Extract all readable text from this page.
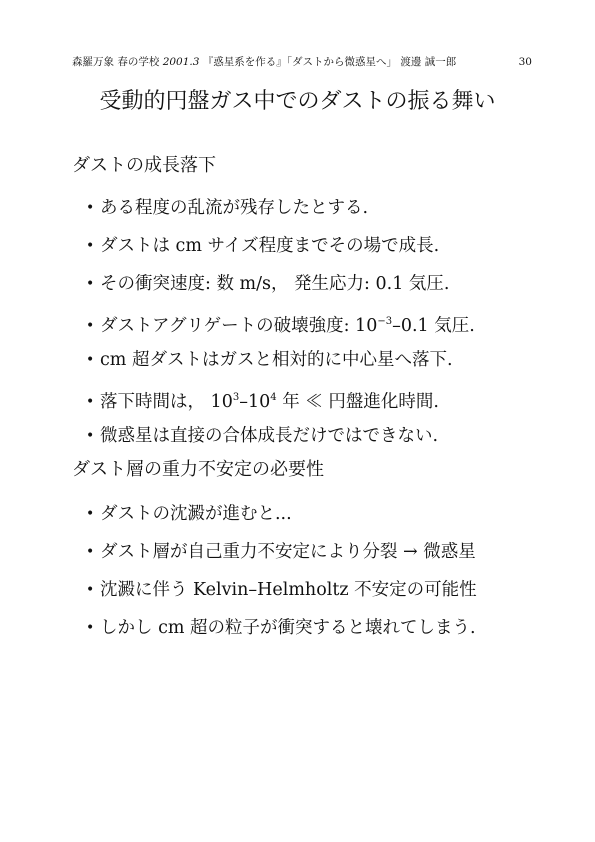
森羅万象 春の学校 2001.3 『惑星系を作る』「ダストから微惑星へ」 渡邊 誠一郎	30
受動的円盤ガス中でのダストの振る舞い
ダストの成長落下
• ある程度の乱流が残存したとする.
• ダストは cm サイズ程度までその場で成長.
• その衝突速度: 数 m/s， 発生応力: 0.1 気圧.
• ダストアグリゲートの破壊強度: $10^{-3}-0.1$ 気圧.
• cm 超ダストはガスと相対的に中心星へ落下.
• 落下時間は， $10^3-10^4$ 年 ≪ 円盤進化時間.
• 微惑星は直接の合体成長だけではできない.
ダスト層の重力不安定の必要性
• ダストの沈澱が進むと...
• ダスト層が自己重力不安定により分裂 → 微惑星
• 沈澱に伴う Kelvin–Helmholtz 不安定の可能性
• しかし cm 超の粒子が衝突すると壊れてしまう.
